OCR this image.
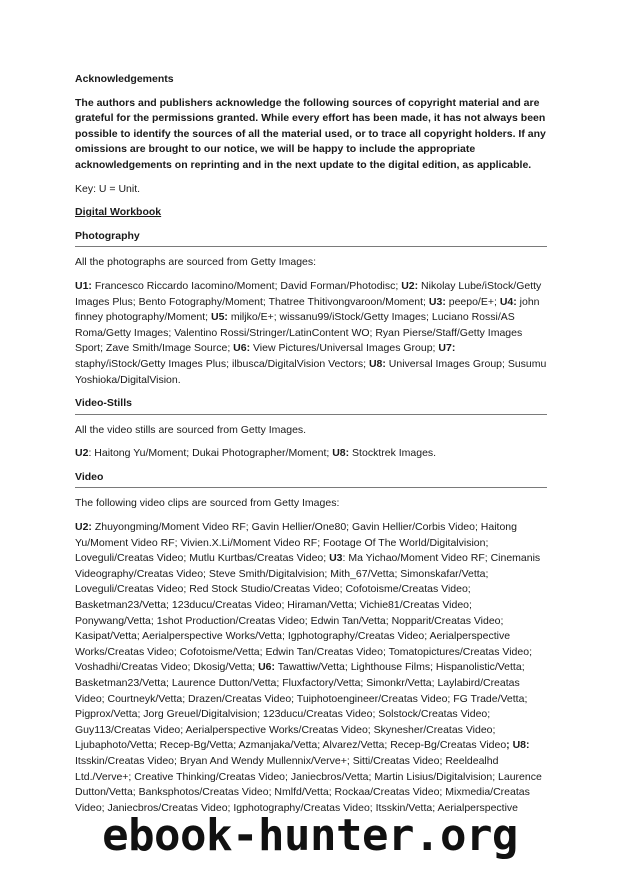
Acknowledgements

The authors and publishers acknowledge the following sources of copyright material and are grateful for the permissions granted. While every effort has been made, it has not always been possible to identify the sources of all the material used, or to trace all copyright holders. If any omissions are brought to our notice, we will be happy to include the appropriate acknowledgements on reprinting and in the next update to the digital edition, as applicable.

Key: U = Unit.

Digital Workbook

Photography

All the photographs are sourced from Getty Images:

U1: Francesco Riccardo Iacomino/Moment; David Forman/Photodisc; U2: Nikolay Lube/iStock/Getty Images Plus; Bento Fotography/Moment; Thatree Thitivongvaroon/Moment; U3: peepo/E+; U4: john finney photography/Moment; U5: miljko/E+; wissanu99/iStock/Getty Images; Luciano Rossi/AS Roma/Getty Images; Valentino Rossi/Stringer/LatinContent WO; Ryan Pierse/Staff/Getty Images Sport; Zave Smith/Image Source; U6: View Pictures/Universal Images Group; U7: staphy/iStock/Getty Images Plus; ilbusca/DigitalVision Vectors; U8: Universal Images Group; Susumu Yoshioka/DigitalVision.

Video-Stills

All the video stills are sourced from Getty Images.

U2: Haitong Yu/Moment; Dukai Photographer/Moment; U8: Stocktrek Images.

Video

The following video clips are sourced from Getty Images:

U2: Zhuyongming/Moment Video RF; Gavin Hellier/One80; Gavin Hellier/Corbis Video; Haitong Yu/Moment Video RF; Vivien.X.Li/Moment Video RF; Footage Of The World/Digitalvision; Loveguli/Creatas Video; Mutlu Kurtbas/Creatas Video; U3: Ma Yichao/Moment Video RF; Cinemanis Videography/Creatas Video; Steve Smith/Digitalvision; Mith_67/Vetta; Simonskafar/Vetta; Loveguli/Creatas Video; Red Stock Studio/Creatas Video; Cofotoisme/Creatas Video; Basketman23/Vetta; 123ducu/Creatas Video; Hiraman/Vetta; Vichie81/Creatas Video; Ponywang/Vetta; 1shot Production/Creatas Video; Edwin Tan/Vetta; Nopparit/Creatas Video; Kasipat/Vetta; Aerialperspective Works/Vetta; Igphotography/Creatas Video; Aerialperspective Works/Creatas Video; Cofotoisme/Vetta; Edwin Tan/Creatas Video; Tomatopictures/Creatas Video; Voshadhi/Creatas Video; Dkosig/Vetta; U6: Tawattiw/Vetta; Lighthouse Films; Hispanolistic/Vetta; Basketman23/Vetta; Laurence Dutton/Vetta; Fluxfactory/Vetta; Simonkr/Vetta; Laylabird/Creatas Video; Courtneyk/Vetta; Drazen/Creatas Video; Tuiphotoengineer/Creatas Video; FG Trade/Vetta; Pigprox/Vetta; Jorg Greuel/Digitalvision; 123ducu/Creatas Video; Solstock/Creatas Video; Guy113/Creatas Video; Aerialperspective Works/Creatas Video; Skynesher/Creatas Video; Ljubaphoto/Vetta; Recep-Bg/Vetta; Azmanjaka/Vetta; Alvarez/Vetta; Recep-Bg/Creatas Video; U8: Itsskin/Creatas Video; Bryan And Wendy Mullennix/Verve+; Sitti/Creatas Video; Reeldealhd Ltd./Verve+; Creative Thinking/Creatas Video; Janiecbros/Vetta; Martin Lisius/Digitalvision; Laurence Dutton/Vetta; Banksphotos/Creatas Video; Nmlfd/Vetta; Rockaa/Creatas Video; Mixmedia/Creatas Video; Janiecbros/Creatas Video; Igphotography/Creatas Video; Itsskin/Vetta; Aerialperspective

ebook-hunter.org
